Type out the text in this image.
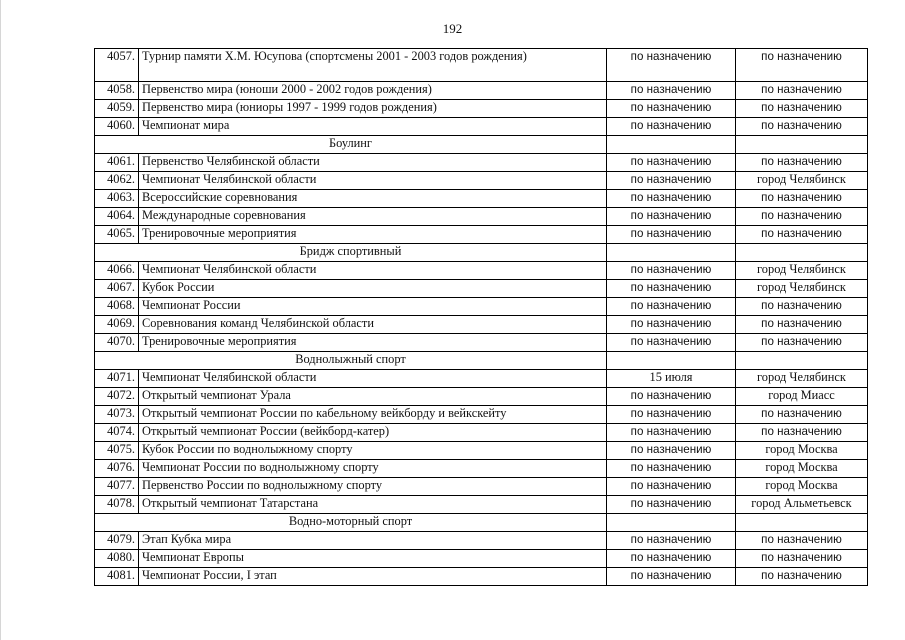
192
4057.	Турнир памяти Х.М. Юсупова (спортсмены 2001 - 2003 годов рождения)	по назначению	по назначению
4058.	Первенство мира (юноши 2000 - 2002 годов рождения)	по назначению	по назначению
4059.	Первенство мира (юниоры 1997 - 1999 годов рождения)	по назначению	по назначению
4060.	Чемпионат мира	по назначению	по назначению
Боулинг			
4061.	Первенство Челябинской области	по назначению	по назначению
4062.	Чемпионат Челябинской области	по назначению	город Челябинск
4063.	Всероссийские соревнования	по назначению	по назначению
4064.	Международные соревнования	по назначению	по назначению
4065.	Тренировочные мероприятия	по назначению	по назначению
Бридж спортивный			
4066.	Чемпионат Челябинской области	по назначению	город Челябинск
4067.	Кубок России	по назначению	город Челябинск
4068.	Чемпионат России	по назначению	по назначению
4069.	Соревнования команд Челябинской области	по назначению	по назначению
4070.	Тренировочные мероприятия	по назначению	по назначению
Воднолыжный спорт			
4071.	Чемпионат Челябинской области	15 июля	город Челябинск
4072.	Открытый чемпионат Урала	по назначению	город Миасс
4073.	Открытый чемпионат России по кабельному вейкборду и вейкскейту	по назначению	по назначению
4074.	Открытый чемпионат России (вейкборд-катер)	по назначению	по назначению
4075.	Кубок России по воднолыжному спорту	по назначению	город Москва
4076.	Чемпионат России по воднолыжному спорту	по назначению	город Москва
4077.	Первенство России по воднолыжному спорту	по назначению	город Москва
4078.	Открытый чемпионат Татарстана	по назначению	город Альметьевск
Водно-моторный спорт			
4079.	Этап Кубка мира	по назначению	по назначению
4080.	Чемпионат Европы	по назначению	по назначению
4081.	Чемпионат России, I этап	по назначению	по назначению
